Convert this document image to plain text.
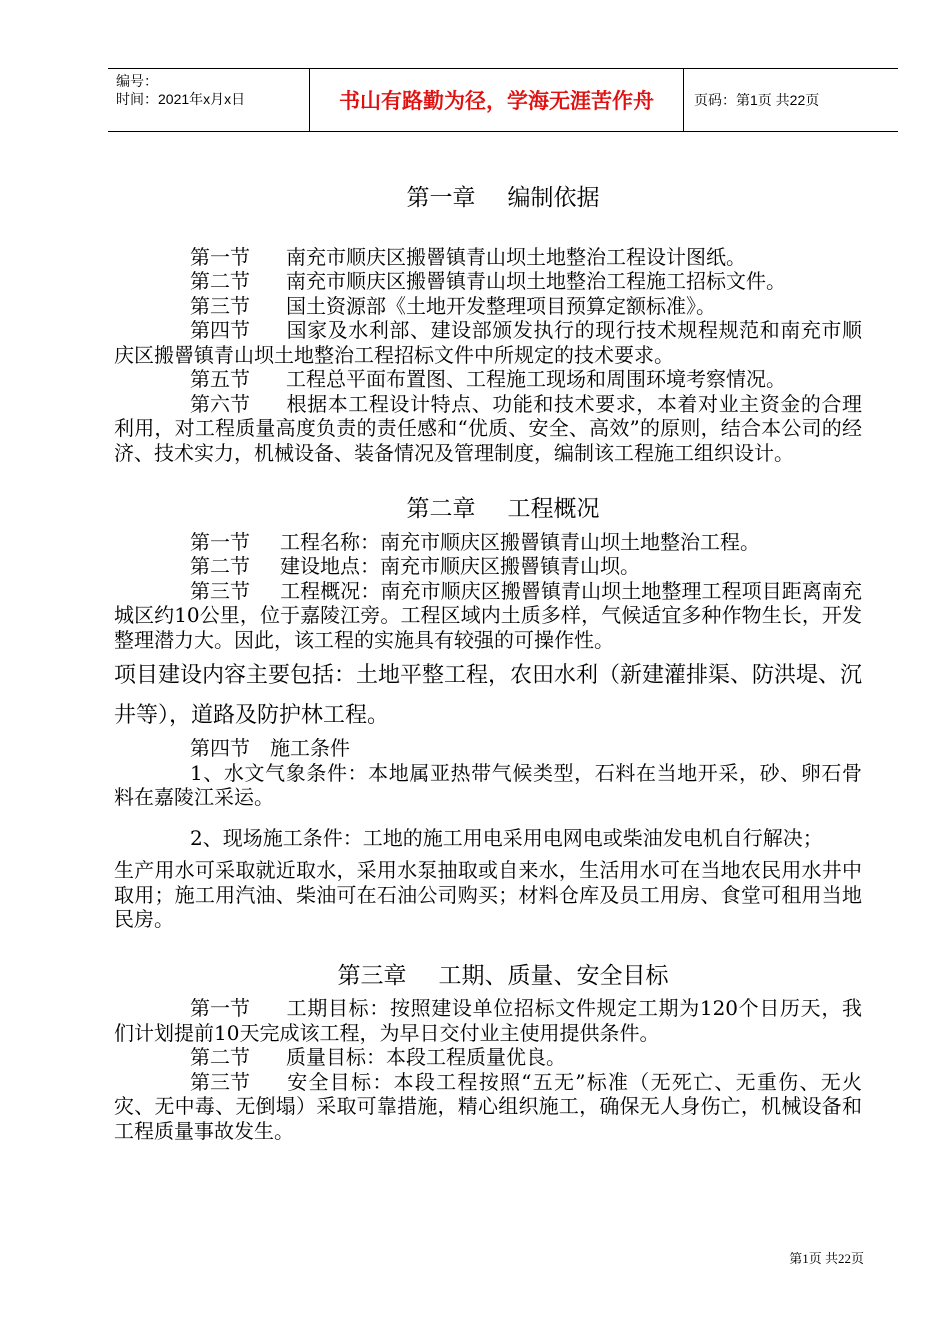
编号：
时间：2021年x月x日	书山有路勤为径，学海无涯苦作舟	页码：第1页 共22页
第一章 编制依据

第一节 南充市顺庆区搬罾镇青山坝土地整治工程设计图纸。

第二节 南充市顺庆区搬罾镇青山坝土地整治工程施工招标文件。

第三节 国土资源部《土地开发整理项目预算定额标准》。

第四节 国家及水利部、建设部颁发执行的现行技术规程规范和南充市顺庆区搬罾镇青山坝土地整治工程招标文件中所规定的技术要求。

第五节 工程总平面布置图、工程施工现场和周围环境考察情况。

第六节 根据本工程设计特点、功能和技术要求，本着对业主资金的合理利用，对工程质量高度负责的责任感和“优质、安全、高效”的原则，结合本公司的经济、技术实力，机械设备、装备情况及管理制度，编制该工程施工组织设计。

第二章 工程概况

第一节 工程名称：南充市顺庆区搬罾镇青山坝土地整治工程。

第二节 建设地点：南充市顺庆区搬罾镇青山坝。

第三节 工程概况：南充市顺庆区搬罾镇青山坝土地整理工程项目距离南充城区约10公里，位于嘉陵江旁。工程区域内土质多样，气候适宜多种作物生长，开发整理潜力大。因此，该工程的实施具有较强的可操作性。

项目建设内容主要包括：土地平整工程，农田水利（新建灌排渠、防洪堤、沉井等），道路及防护林工程。

第四节 施工条件

1、水文气象条件：本地属亚热带气候类型，石料在当地开采，砂、卵石骨料在嘉陵江采运。

2、现场施工条件：工地的施工用电采用电网电或柴油发电机自行解决；

生产用水可采取就近取水，采用水泵抽取或自来水，生活用水可在当地农民用水井中取用；施工用汽油、柴油可在石油公司购买；材料仓库及员工用房、食堂可租用当地民房。

第三章 工期、质量、安全目标

第一节 工期目标：按照建设单位招标文件规定工期为120个日历天，我们计划提前10天完成该工程，为早日交付业主使用提供条件。

第二节 质量目标：本段工程质量优良。

第三节 安全目标：本段工程按照“五无”标准（无死亡、无重伤、无火灾、无中毒、无倒塌）采取可靠措施，精心组织施工，确保无人身伤亡，机械设备和工程质量事故发生。

第1页 共22页
